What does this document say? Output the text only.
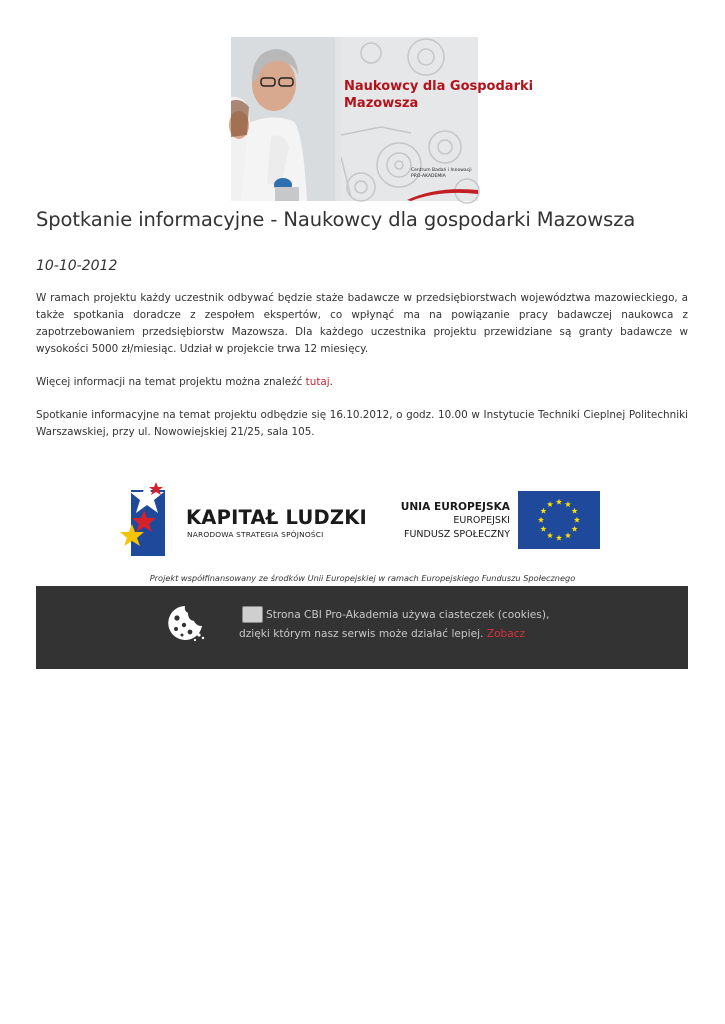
Naukowcy dla Gospodarki
Mazowsza
Centrum Badań i Innowacji
PRO-AKADEMIA
Spotkanie informacyjne - Naukowcy dla gospodarki Mazowsza
10-10-2012

W ramach projektu każdy uczestnik odbywać będzie staże badawcze w przedsiębiorstwach województwa mazowieckiego, a także spotkania doradcze z zespołem ekspertów, co wpłynąć ma na powiązanie pracy badawczej naukowca z zapotrzebowaniem przedsiębiorstw Mazowsza. Dla każdego uczestnika projektu przewidziane są granty badawcze w wysokości 5000 zł/miesiąc. Udział w projekcie trwa 12 miesięcy.

Więcej informacji na temat projektu można znaleźć tutaj.

Spotkanie informacyjne na temat projektu odbędzie się 16.10.2012, o godz. 10.00 w Instytucie Techniki Cieplnej Politechniki Warszawskiej, przy ul. Nowowiejskiej 21/25, sala 105.

KAPITAŁ LUDZKI
NARODOWA STRATEGIA SPÓJNOŚCI
UNIA EUROPEJSKA
EUROPEJSKI
FUNDUSZ SPOŁECZNY
Projekt współfinansowany ze środków Unii Europejskiej w ramach Europejskiego Funduszu Społecznego
Strona CBI Pro-Akademia używa ciasteczek (cookies),
dzięki którym nasz serwis może działać lepiej. Zobacz
